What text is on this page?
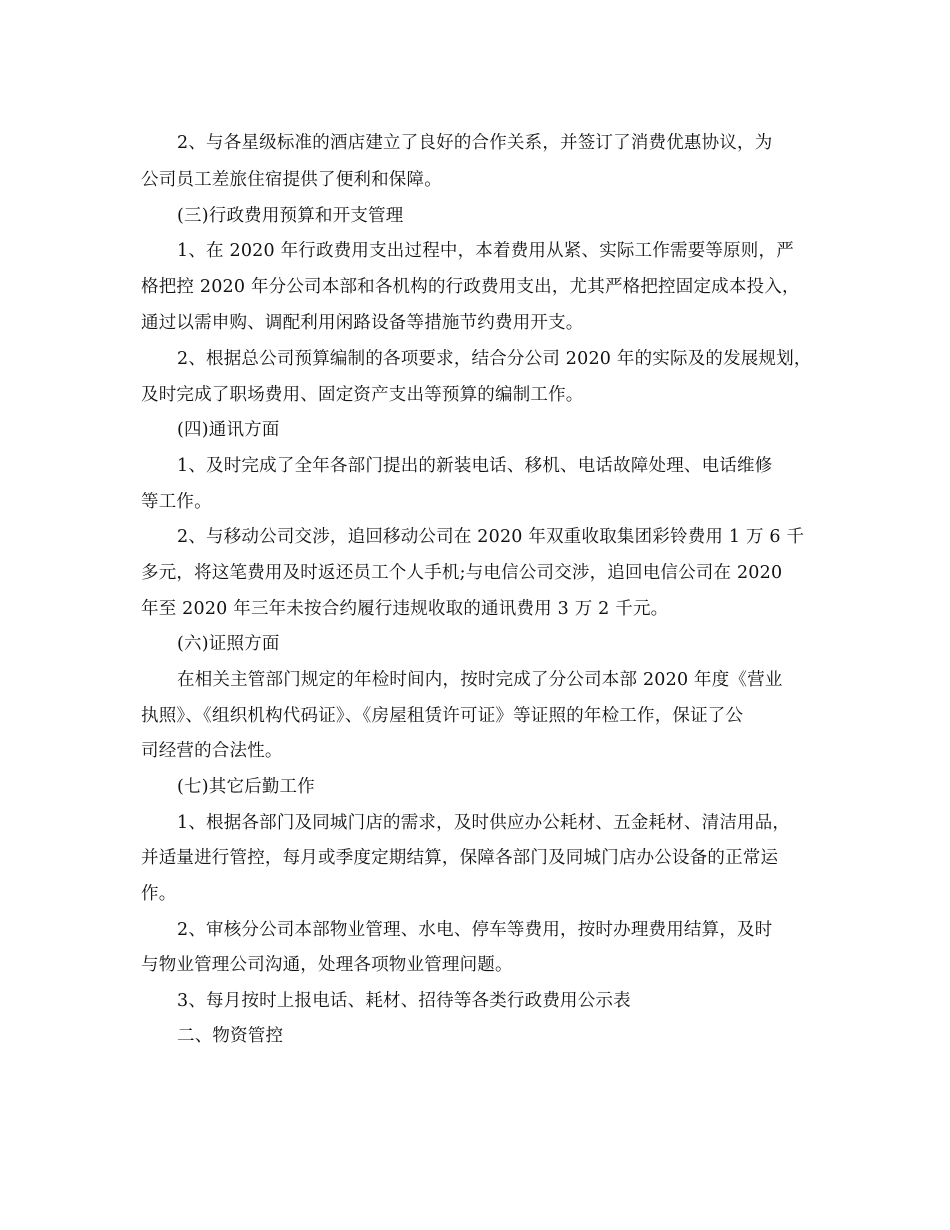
2、与各星级标准的酒店建立了良好的合作关系，并签订了消费优惠协议，为
公司员工差旅住宿提供了便利和保障。
(三)行政费用预算和开支管理
1、在 2020 年行政费用支出过程中，本着费用从紧、实际工作需要等原则，严
格把控 2020 年分公司本部和各机构的行政费用支出，尤其严格把控固定成本投入，
通过以需申购、调配利用闲路设备等措施节约费用开支。
2、根据总公司预算编制的各项要求，结合分公司 2020 年的实际及的发展规划，
及时完成了职场费用、固定资产支出等预算的编制工作。
(四)通讯方面
1、及时完成了全年各部门提出的新装电话、移机、电话故障处理、电话维修
等工作。
2、与移动公司交涉，追回移动公司在 2020 年双重收取集团彩铃费用 1 万 6 千
多元，将这笔费用及时返还员工个人手机;与电信公司交涉，追回电信公司在 2020
年至 2020 年三年未按合约履行违规收取的通讯费用 3 万 2 千元。
(六)证照方面
在相关主管部门规定的年检时间内，按时完成了分公司本部 2020 年度《营业
执照》、《组织机构代码证》、《房屋租赁许可证》等证照的年检工作，保证了公
司经营的合法性。
(七)其它后勤工作
1、根据各部门及同城门店的需求，及时供应办公耗材、五金耗材、清洁用品，
并适量进行管控，每月或季度定期结算，保障各部门及同城门店办公设备的正常运
作。
2、审核分公司本部物业管理、水电、停车等费用，按时办理费用结算，及时
与物业管理公司沟通，处理各项物业管理问题。
3、每月按时上报电话、耗材、招待等各类行政费用公示表
二、物资管控
